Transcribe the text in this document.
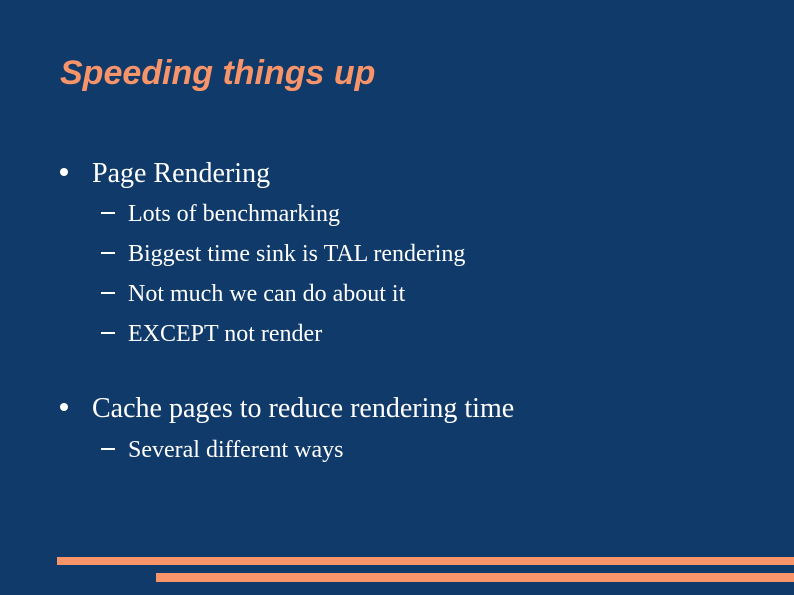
Speeding things up
Page Rendering
Lots of benchmarking
Biggest time sink is TAL rendering
Not much we can do about it
EXCEPT not render
Cache pages to reduce rendering time
Several different ways
